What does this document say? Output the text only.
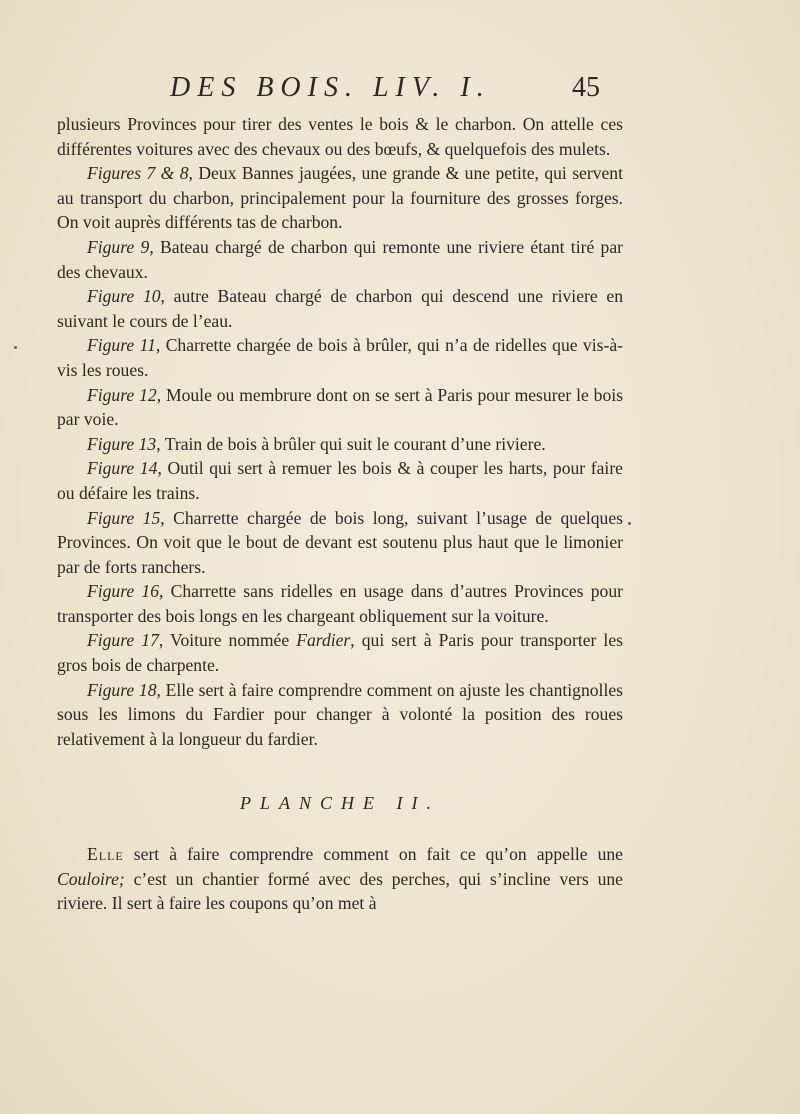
DES BOIS. LIV. I.	45

plusieurs Provinces pour tirer des ventes le bois & le charbon. On attelle ces différentes voitures avec des chevaux ou des bœufs, & quelquefois des mulets.

Figures 7 & 8, Deux Bannes jaugées, une grande & une petite, qui servent au transport du charbon, principalement pour la fourniture des grosses forges. On voit auprès différents tas de charbon.

Figure 9, Bateau chargé de charbon qui remonte une riviere étant tiré par des chevaux.

Figure 10, autre Bateau chargé de charbon qui descend une riviere en suivant le cours de l’eau.

Figure 11, Charrette chargée de bois à brûler, qui n’a de ridelles que vis-à-vis les roues.

Figure 12, Moule ou membrure dont on se sert à Paris pour mesurer le bois par voie.

Figure 13, Train de bois à brûler qui suit le courant d’une riviere.

Figure 14, Outil qui sert à remuer les bois & à couper les harts, pour faire ou défaire les trains.

Figure 15, Charrette chargée de bois long, suivant l’usage de quelques Provinces. On voit que le bout de devant est soutenu plus haut que le limonier par de forts ranchers.

Figure 16, Charrette sans ridelles en usage dans d’autres Provinces pour transporter des bois longs en les chargeant obliquement sur la voiture.

Figure 17, Voiture nommée Fardier, qui sert à Paris pour transporter les gros bois de charpente.

Figure 18, Elle sert à faire comprendre comment on ajuste les chantignolles sous les limons du Fardier pour changer à volonté la position des roues relativement à la longueur du fardier.

PLANCHE II.

Elle sert à faire comprendre comment on fait ce qu’on appelle une Couloire; c’est un chantier formé avec des perches, qui s’incline vers une riviere. Il sert à faire les coupons qu’on met à
